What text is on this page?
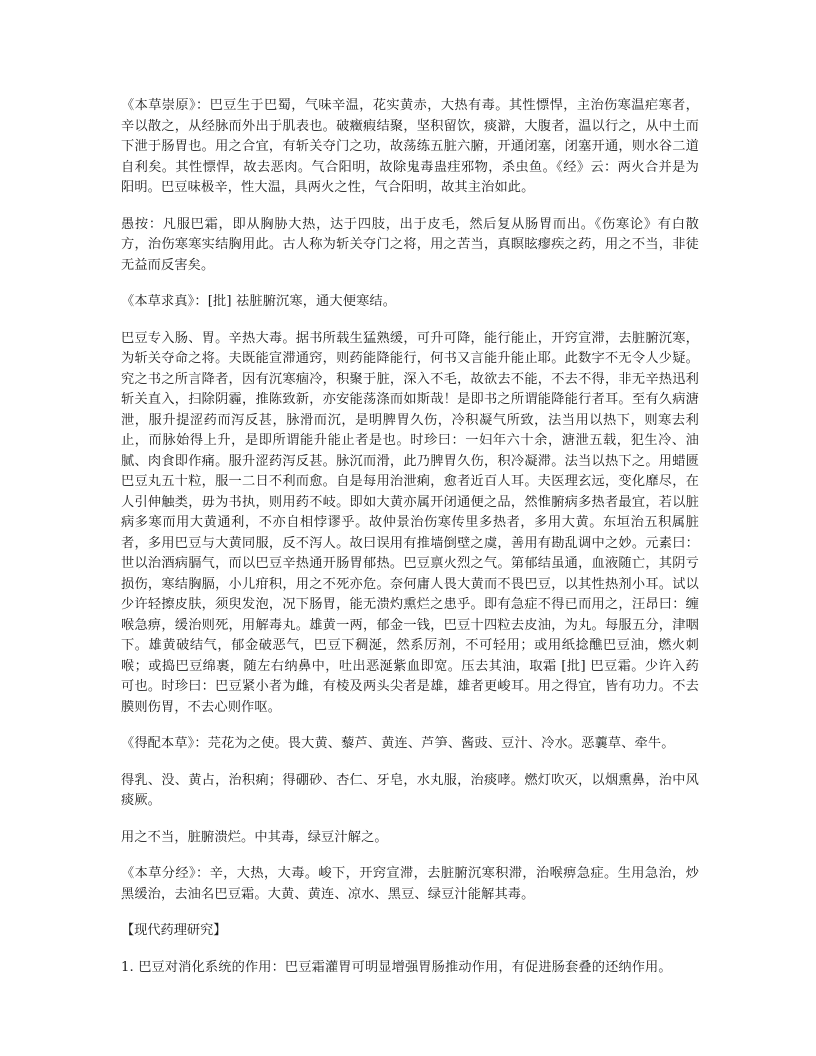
《本草崇原》：巴豆生于巴蜀，气味辛温，花实黄赤，大热有毒。其性慓悍，主治伤寒温疟寒者，辛以散之，从经脉而外出于肌表也。破癥瘕结聚，坚积留饮，痰澼，大腹者，温以行之，从中土而下泄于肠胃也。用之合宜，有斩关夺门之功，故荡练五脏六腑，开通闭塞，闭塞开通，则水谷二道自利矣。其性慓悍，故去恶肉。气合阳明，故除鬼毒蛊疰邪物，杀虫鱼。《经》云：两火合并是为阳明。巴豆味极辛，性大温，具两火之性，气合阳明，故其主治如此。

愚按：凡服巴霜，即从胸胁大热，达于四肢，出于皮毛，然后复从肠胃而出。《伤寒论》有白散方，治伤寒寒实结胸用此。古人称为斩关夺门之将，用之苦当，真瞑眩瘳疾之药，用之不当，非徒无益而反害矣。

《本草求真》：[批] 祛脏腑沉寒，通大便寒结。

巴豆专入肠、胃。辛热大毒。据书所载生猛熟缓，可升可降，能行能止，开窍宣滞，去脏腑沉寒，为斩关夺命之将。夫既能宣滞通窍，则药能降能行，何书又言能升能止耶。此数字不无令人少疑。究之书之所言降者，因有沉寒痼冷，积聚于脏，深入不毛，故欲去不能，不去不得，非无辛热迅利斩关直入，扫除阴霾，推陈致新，亦安能荡涤而如斯哉！是即书之所谓能降能行者耳。至有久病溏泄，服升提涩药而泻反甚，脉滑而沉，是明脾胃久伤，冷积凝气所致，法当用以热下，则寒去利止，而脉始得上升，是即所谓能升能止者是也。时珍曰：一妇年六十余，溏泄五载，犯生冷、油腻、肉食即作痛。服升涩药泻反甚。脉沉而滑，此乃脾胃久伤，积冷凝滞。法当以热下之。用蜡匮巴豆丸五十粒，服一二日不利而愈。自是每用治泄痢，愈者近百人耳。夫医理玄远，变化靡尽，在人引伸触类，毋为书执，则用药不岐。即如大黄亦属开闭通便之品，然惟腑病多热者最宜，若以脏病多寒而用大黄通利，不亦自相悖谬乎。故仲景治伤寒传里多热者，多用大黄。东垣治五积属脏者，多用巴豆与大黄同服，反不泻人。故曰误用有推墙倒壁之虞，善用有勘乱调中之妙。元素曰：世以治酒病膈气，而以巴豆辛热通开肠胃郁热。巴豆禀火烈之气。第郁结虽通，血液随亡，其阴亏损伤，寒结胸膈，小儿疳积，用之不死亦危。奈何庸人畏大黄而不畏巴豆，以其性热剂小耳。试以少许轻擦皮肤，须臾发泡，况下肠胃，能无溃灼熏烂之患乎。即有急症不得已而用之，汪昂曰：缠喉急痹，缓治则死，用解毒丸。雄黄一两，郁金一钱，巴豆十四粒去皮油，为丸。每服五分，津咽下。雄黄破结气，郁金破恶气，巴豆下稠涎，然系厉剂，不可轻用；或用纸捻醮巴豆油，燃火刺喉；或捣巴豆绵裹，随左右纳鼻中，吐出恶涎紫血即宽。压去其油，取霜 [批] 巴豆霜。少许入药可也。时珍曰：巴豆紧小者为雌，有棱及两头尖者是雄，雄者更峻耳。用之得宜，皆有功力。不去膜则伤胃，不去心则作呕。

《得配本草》：芫花为之使。畏大黄、藜芦、黄连、芦笋、酱豉、豆汁、冷水。恶蘘草、牵牛。

得乳、没、黄占，治积痢；得硼砂、杏仁、牙皂，水丸服，治痰哮。燃灯吹灭，以烟熏鼻，治中风痰厥。

用之不当，脏腑溃烂。中其毒，绿豆汁解之。

《本草分经》：辛，大热，大毒。峻下，开窍宣滞，去脏腑沉寒积滞，治喉痹急症。生用急治，炒黑缓治，去油名巴豆霜。大黄、黄连、凉水、黑豆、绿豆汁能解其毒。

【现代药理研究】

1. 巴豆对消化系统的作用：巴豆霜灌胃可明显增强胃肠推动作用，有促进肠套叠的还纳作用。
